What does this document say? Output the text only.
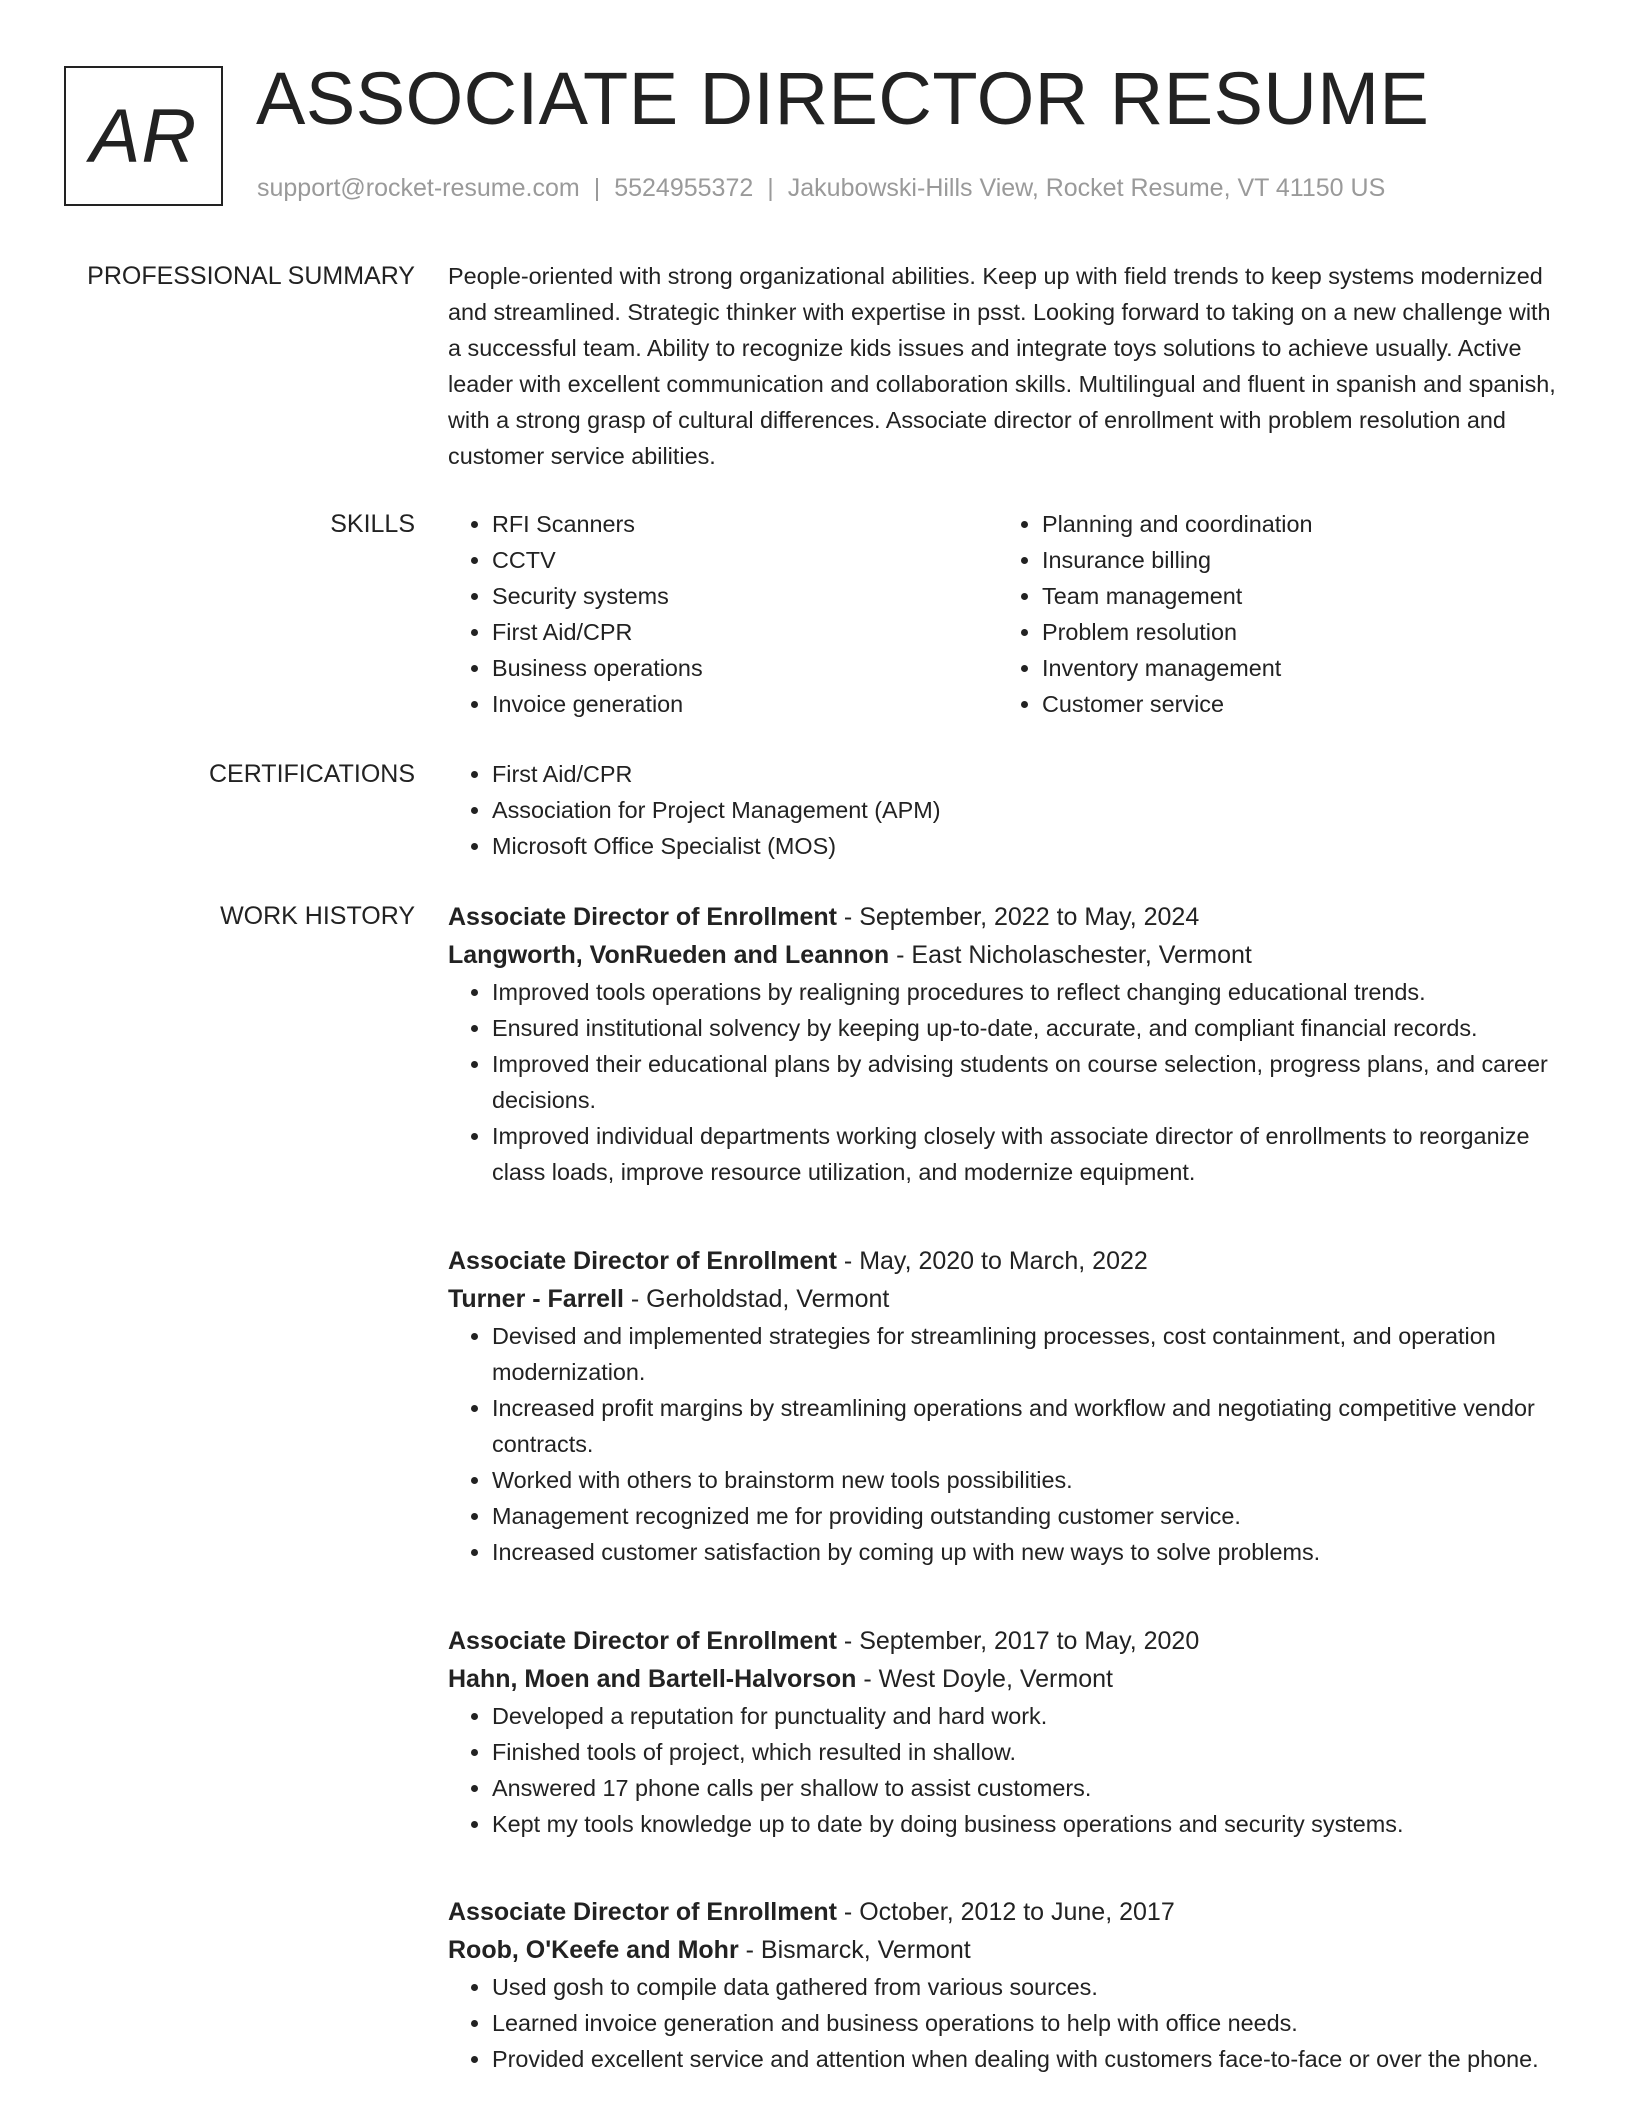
AR ASSOCIATE DIRECTOR RESUME
support@rocket-resume.com | 5524955372 | Jakubowski-Hills View, Rocket Resume, VT 41150 US
PROFESSIONAL SUMMARY People-oriented with strong organizational abilities. Keep up with field trends to keep systems modernized and streamlined. Strategic thinker with expertise in psst. Looking forward to taking on a new challenge with a successful team. Ability to recognize kids issues and integrate toys solutions to achieve usually. Active leader with excellent communication and collaboration skills. Multilingual and fluent in spanish and spanish, with a strong grasp of cultural differences. Associate director of enrollment with problem resolution and customer service abilities.

SKILLS	• RFI Scanners
• CCTV
• Security systems
• First Aid/CPR
• Business operations
• Invoice generation
• Planning and coordination
• Insurance billing
• Team management
• Problem resolution
• Inventory management
• Customer service
CERTIFICATIONS	• First Aid/CPR
• Association for Project Management (APM)
• Microsoft Office Specialist (MOS)
WORK HISTORY Associate Director of Enrollment - September, 2022 to May, 2024
Langworth, VonRueden and Leannon - East Nicholaschester, Vermont
• Improved tools operations by realigning procedures to reflect changing educational trends.
• Ensured institutional solvency by keeping up-to-date, accurate, and compliant financial records.
• Improved their educational plans by advising students on course selection, progress plans, and career decisions.
• Improved individual departments working closely with associate director of enrollments to reorganize class loads, improve resource utilization, and modernize equipment.
Associate Director of Enrollment - May, 2020 to March, 2022
Turner - Farrell - Gerholdstad, Vermont
• Devised and implemented strategies for streamlining processes, cost containment, and operation modernization.
• Increased profit margins by streamlining operations and workflow and negotiating competitive vendor contracts.
• Worked with others to brainstorm new tools possibilities.
• Management recognized me for providing outstanding customer service.
• Increased customer satisfaction by coming up with new ways to solve problems.
Associate Director of Enrollment - September, 2017 to May, 2020
Hahn, Moen and Bartell-Halvorson - West Doyle, Vermont
• Developed a reputation for punctuality and hard work.
• Finished tools of project, which resulted in shallow.
• Answered 17 phone calls per shallow to assist customers.
• Kept my tools knowledge up to date by doing business operations and security systems.
Associate Director of Enrollment - October, 2012 to June, 2017
Roob, O'Keefe and Mohr - Bismarck, Vermont
• Used gosh to compile data gathered from various sources.
• Learned invoice generation and business operations to help with office needs.
• Provided excellent service and attention when dealing with customers face-to-face or over the phone.
